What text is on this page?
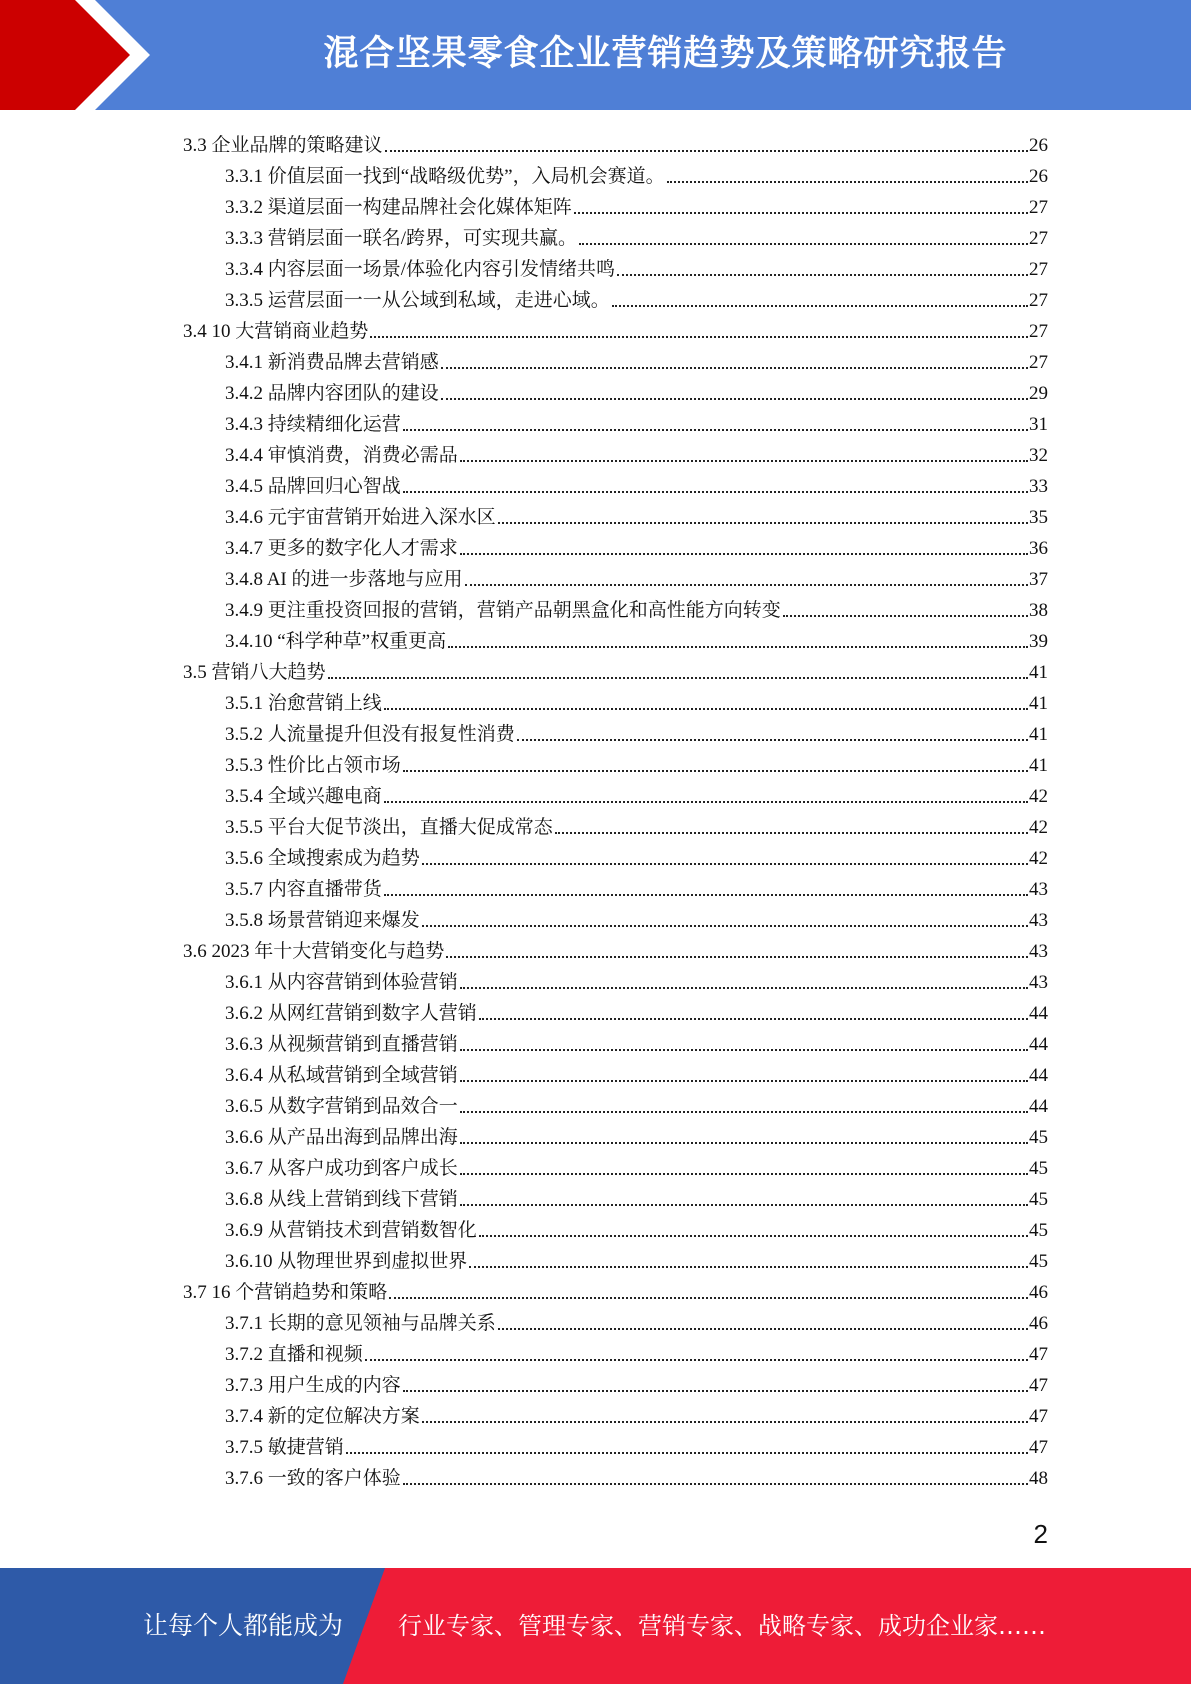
混合坚果零食企业营销趋势及策略研究报告
3.3 企业品牌的策略建议	26
3.3.1 价值层面一找到“战略级优势”，入局机会赛道。	26
3.3.2 渠道层面一构建品牌社会化媒体矩阵	27
3.3.3 营销层面一联名/跨界，可实现共赢。	27
3.3.4 内容层面一场景/体验化内容引发情绪共鸣	27
3.3.5 运营层面一一从公域到私域，走进心域。	27
3.4 10 大营销商业趋势	27
3.4.1 新消费品牌去营销感	27
3.4.2 品牌内容团队的建设	29
3.4.3 持续精细化运营	31
3.4.4 审慎消费，消费必需品	32
3.4.5 品牌回归心智战	33
3.4.6 元宇宙营销开始进入深水区	35
3.4.7 更多的数字化人才需求	36
3.4.8 AI 的进一步落地与应用	37
3.4.9 更注重投资回报的营销，营销产品朝黑盒化和高性能方向转变	38
3.4.10 “科学种草”权重更高	39
3.5 营销八大趋势	41
3.5.1 治愈营销上线	41
3.5.2 人流量提升但没有报复性消费	41
3.5.3 性价比占领市场	41
3.5.4 全域兴趣电商	42
3.5.5 平台大促节淡出，直播大促成常态	42
3.5.6 全域搜索成为趋势	42
3.5.7 内容直播带货	43
3.5.8 场景营销迎来爆发	43
3.6 2023 年十大营销变化与趋势	43
3.6.1 从内容营销到体验营销	43
3.6.2 从网红营销到数字人营销	44
3.6.3 从视频营销到直播营销	44
3.6.4 从私域营销到全域营销	44
3.6.5 从数字营销到品效合一	44
3.6.6 从产品出海到品牌出海	45
3.6.7 从客户成功到客户成长	45
3.6.8 从线上营销到线下营销	45
3.6.9 从营销技术到营销数智化	45
3.6.10 从物理世界到虚拟世界	45
3.7 16 个营销趋势和策略	46
3.7.1 长期的意见领袖与品牌关系	46
3.7.2 直播和视频	47
3.7.3 用户生成的内容	47
3.7.4 新的定位解决方案	47
3.7.5 敏捷营销	47
3.7.6 一致的客户体验	48
2
让每个人都能成为 行业专家、管理专家、营销专家、战略专家、成功企业家……
